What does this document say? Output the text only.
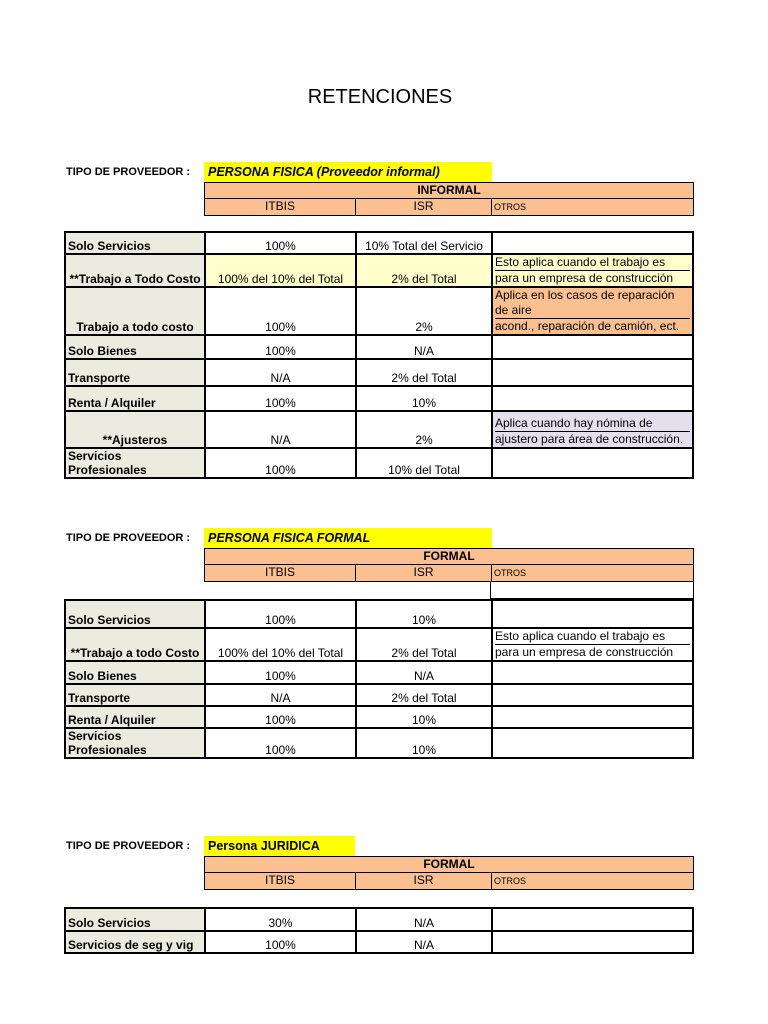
RETENCIONES
TIPO DE PROVEEDOR :	PERSONA FISICA (Proveedor informal)
INFORMAL
ITBIS	ISR	OTROS
Solo Servicios	100%	10% Total del Servicio	
**Trabajo a Todo Costo	100% del 10% del Total	2% del Total	Esto aplica cuando el trabajo es
para un empresa de construcción

Trabajo a todo costo	100%	2%	Aplica en los casos de reparación de aire
acond., reparación de camión, ect.

Solo Bienes	100%	N/A	
Transporte	N/A	2% del Total	
Renta / Alquiler	100%	10%	
**Ajusteros	N/A	2%	Aplica cuando hay nómina de
ajustero para área de construcción.

Servicios Profesionales	100%	10% del Total	
TIPO DE PROVEEDOR :	PERSONA FISICA FORMAL
FORMAL
ITBIS	ISR	OTROS
Solo Servicios	100%	10%	
**Trabajo a todo Costo	100% del 10% del Total	2% del Total	Esto aplica cuando el trabajo es
para un empresa de construcción

Solo Bienes	100%	N/A	
Transporte	N/A	2% del Total	
Renta / Alquiler	100%	10%	
Servicios Profesionales	100%	10%	
TIPO DE PROVEEDOR :	Persona JURIDICA
FORMAL
ITBIS	ISR	OTROS
Solo Servicios	30%	N/A	
Servicios de seg y vig	100%	N/A	
